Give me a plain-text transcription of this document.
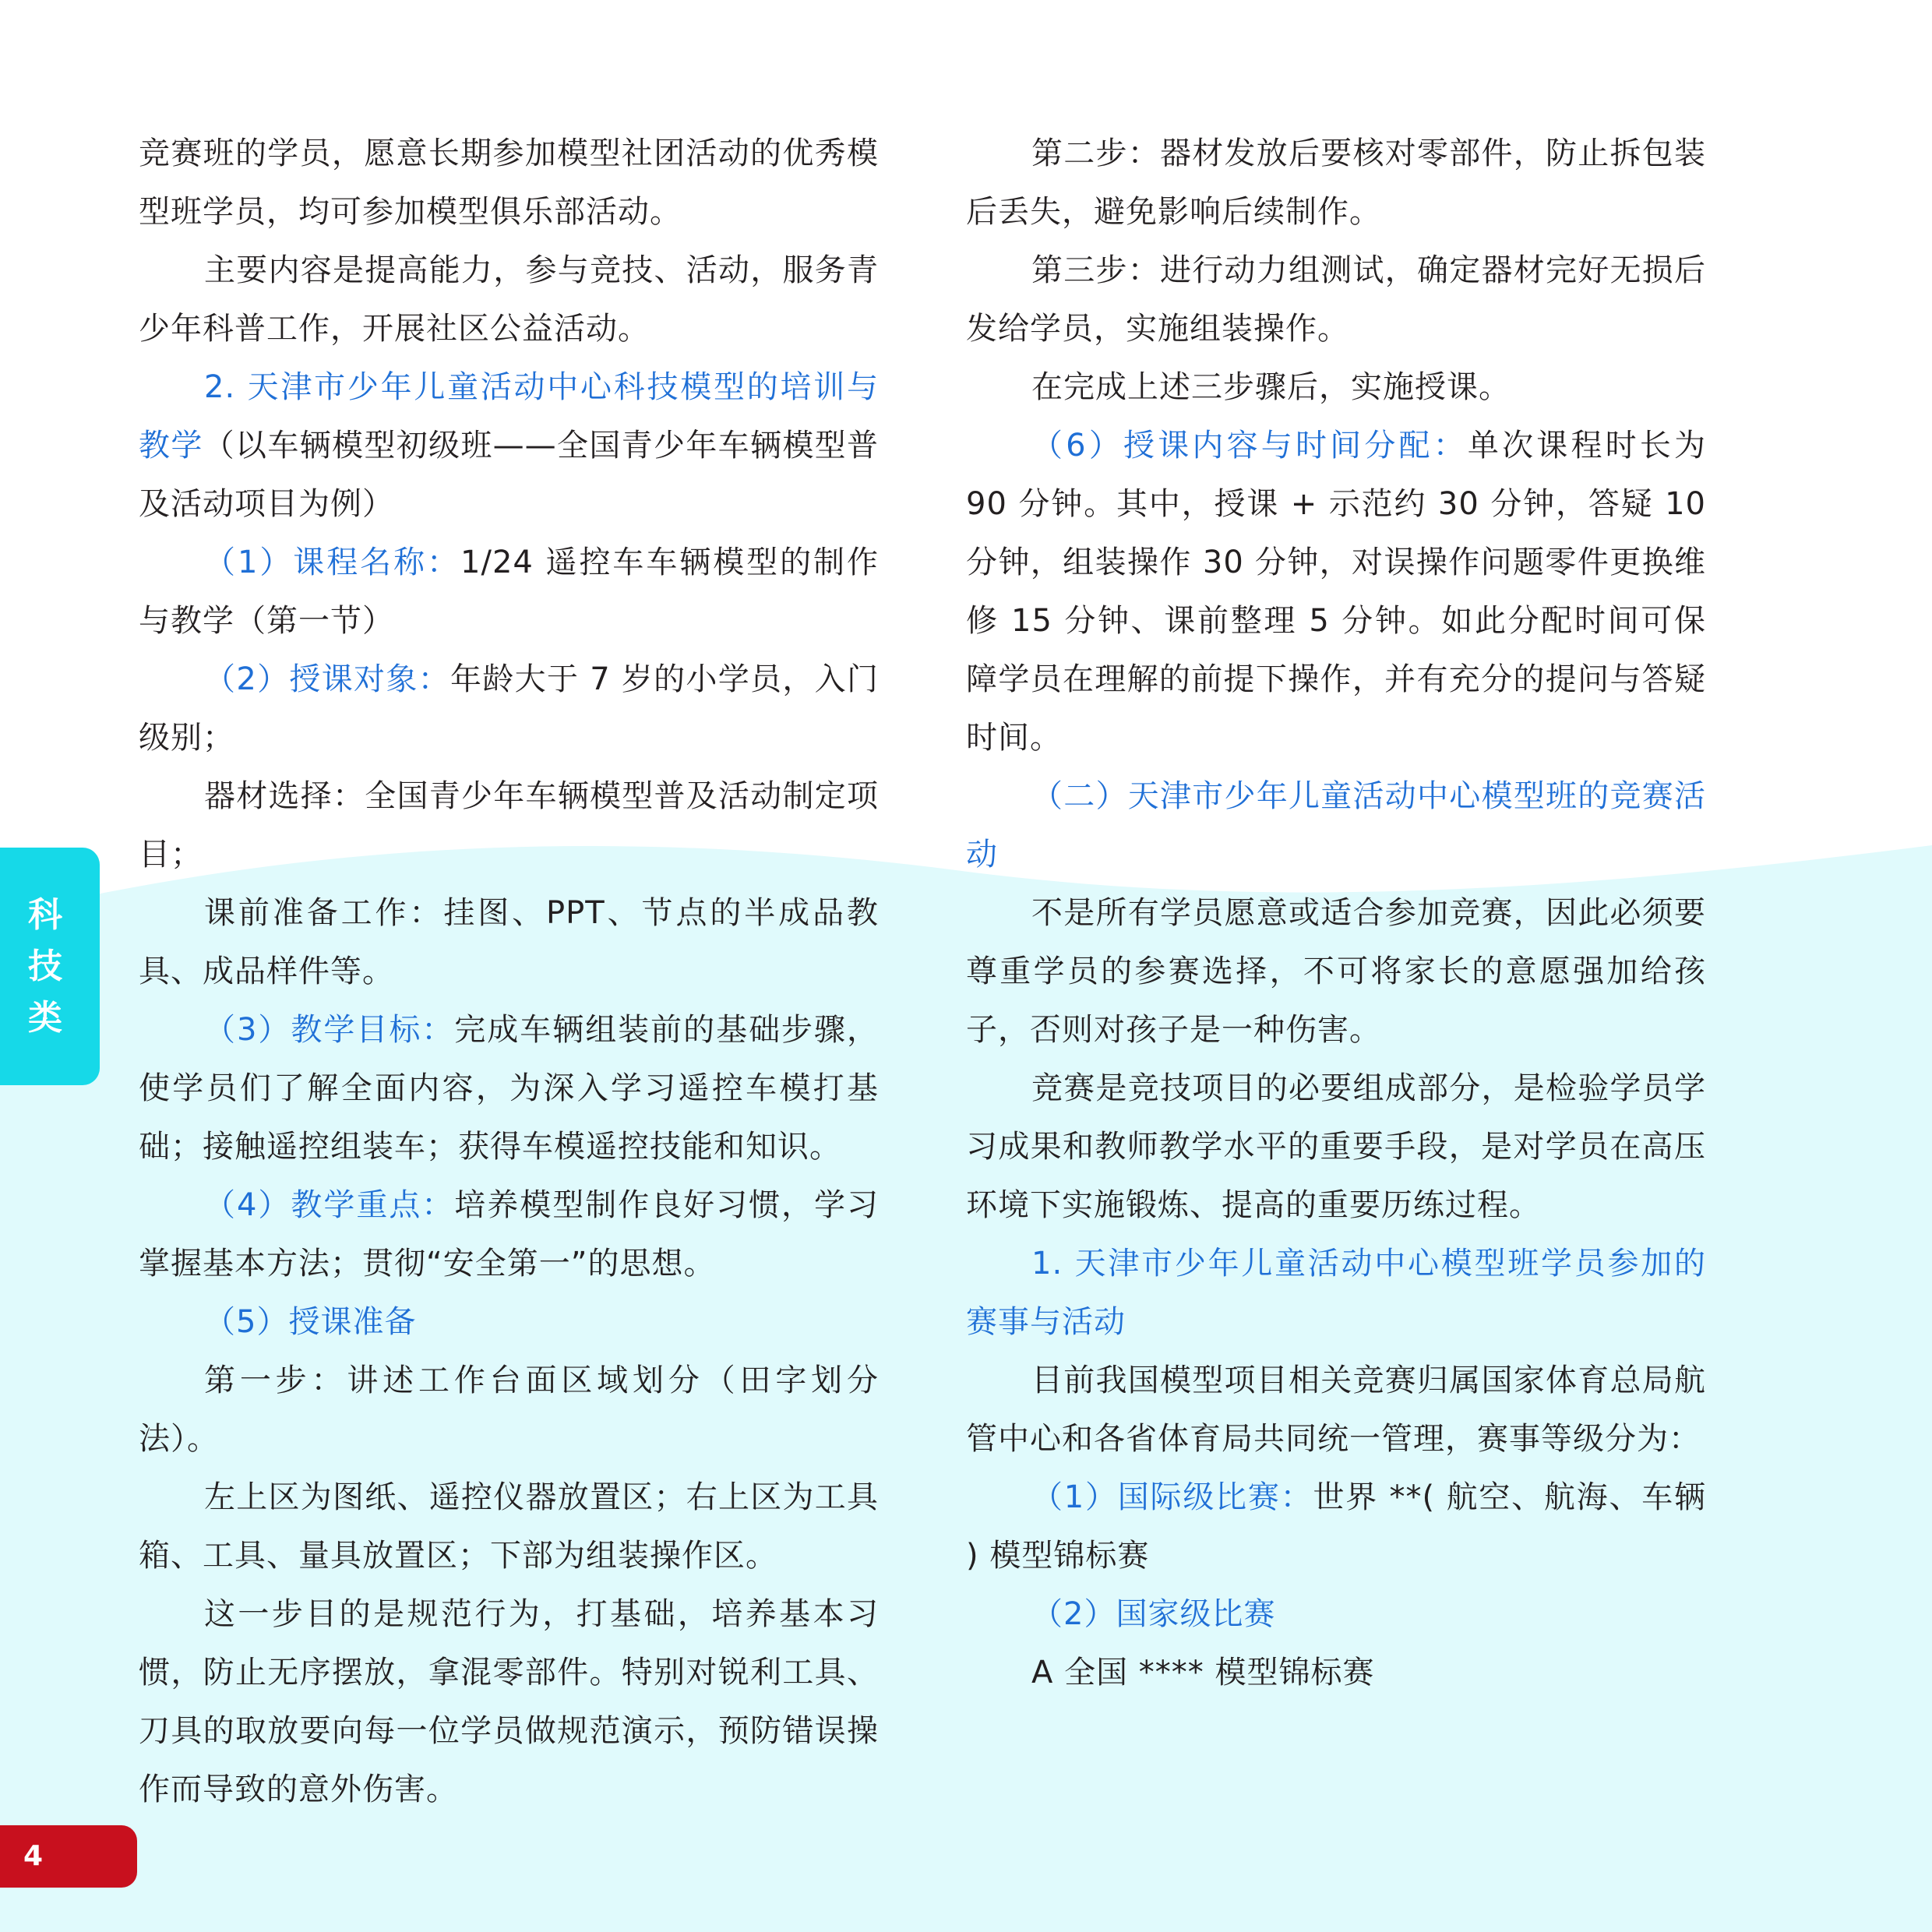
科
技
类
4

竞赛班的学员，愿意长期参加模型社团活动的优秀模型班学员，均可参加模型俱乐部活动。

主要内容是提高能力，参与竞技、活动，服务青少年科普工作，开展社区公益活动。

2. 天津市少年儿童活动中心科技模型的培训与教学（以车辆模型初级班——全国青少年车辆模型普及活动项目为例）

（1）课程名称：1/24 遥控车车辆模型的制作与教学（第一节）

（2）授课对象：年龄大于 7 岁的小学员，入门级别；

器材选择：全国青少年车辆模型普及活动制定项目；

课前准备工作：挂图、PPT、节点的半成品教具、成品样件等。

（3）教学目标：完成车辆组装前的基础步骤，使学员们了解全面内容，为深入学习遥控车模打基础；接触遥控组装车；获得车模遥控技能和知识。

（4）教学重点：培养模型制作良好习惯，学习掌握基本方法；贯彻“安全第一”的思想。

（5）授课准备

第一步：讲述工作台面区域划分（田字划分法）。

左上区为图纸、遥控仪器放置区；右上区为工具箱、工具、量具放置区；下部为组装操作区。

这一步目的是规范行为，打基础，培养基本习惯，防止无序摆放，拿混零部件。特别对锐利工具、刀具的取放要向每一位学员做规范演示，预防错误操作而导致的意外伤害。

第二步：器材发放后要核对零部件，防止拆包装后丢失，避免影响后续制作。

第三步：进行动力组测试，确定器材完好无损后发给学员，实施组装操作。

在完成上述三步骤后，实施授课。

（6）授课内容与时间分配：单次课程时长为 90 分钟。其中，授课 + 示范约 30 分钟，答疑 10 分钟，组装操作 30 分钟，对误操作问题零件更换维修 15 分钟、课前整理 5 分钟。如此分配时间可保障学员在理解的前提下操作，并有充分的提问与答疑时间。

（二）天津市少年儿童活动中心模型班的竞赛活动

不是所有学员愿意或适合参加竞赛，因此必须要尊重学员的参赛选择，不可将家长的意愿强加给孩子，否则对孩子是一种伤害。

竞赛是竞技项目的必要组成部分，是检验学员学习成果和教师教学水平的重要手段，是对学员在高压环境下实施锻炼、提高的重要历练过程。

1. 天津市少年儿童活动中心模型班学员参加的赛事与活动

目前我国模型项目相关竞赛归属国家体育总局航管中心和各省体育局共同统一管理，赛事等级分为：

（1）国际级比赛：世界 **( 航空、航海、车辆 ) 模型锦标赛

（2）国家级比赛

A 全国 **** 模型锦标赛
